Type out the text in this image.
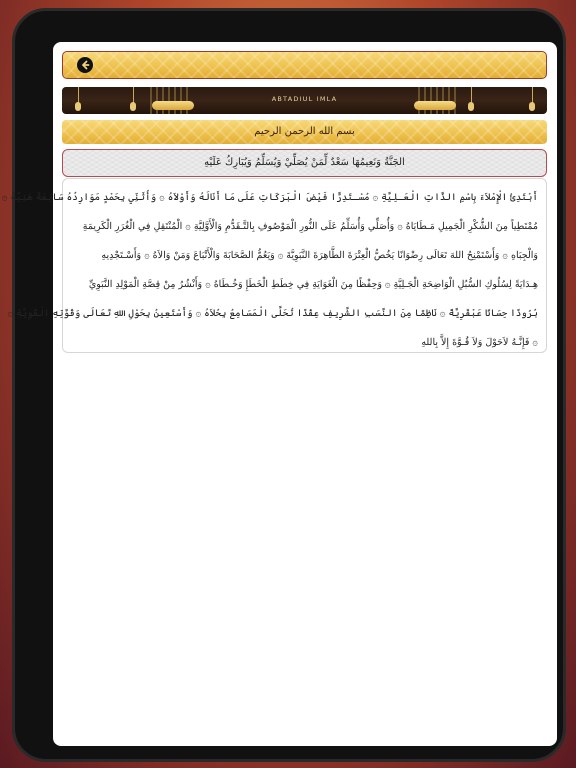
ABTADIUL IMLA
بسم الله الرحمن الرحيم
الجَنَّةُ وَنَعِيمُهَا سَعْدٌ لِّمَنْ يُصَلِّيْ وَيُسَلِّمُ وَيُبَارِكُ عَلَيْهِ

أَبْتَدِئُ الْإِمْلاَءَ بِاسْمِ الذَّاتِ الْعَـلِيَّةِ ۞ مُسْـتَدِرًّا فَيْضَ الْبَرَكَاتِ عَلَى مَا أَنَالَهُ وَأَوْلاَهُ ۞ وَأُثَنِّي بِحَمْدٍ مَوَارِدُهُ سَائِغَةٌ هَنِيَّةٌ ۞

مُمْتَطِياً مِنَ الشُّكْرِ الْجَمِيلِ مَـطَايَاهُ ۞ وَأُصَلِّي وَأُسَلِّمُ عَلَى النُّورِ الْمَوْصُوفِ بِالتَّـقَدُّمِ وَالْأَوَّلِيَّةِ ۞ الْمُنْتَقِلِ فِي الْغُرَرِ الْكَرِيمَةِ

وَالْجِبَاهِ ۞ وَأَسْتَمْنِحُ اللهَ تَعَالَى رِضْوَانًا يَخُصُّ الْعِتْرَةَ الطَّاهِرَةَ النَّبَوِيَّةَ ۞ وَيَعُمُّ الصَّحَابَةَ وَالْأَتْبَاعَ وَمَنْ وَالاَهُ ۞ وَأَسْـتَجْدِيهِ

هِـدَايَةً لِسُلُوكِ السُّبُلِ الْوَاضِحَةِ الْجَـلِيَّةِ ۞ وَحِفْظًا مِنَ الْغَوَايَةِ فِي خِطَطِ الْخَطَإِ وَخُـطَاهُ ۞ وَأَنْشُرُ مِنْ قِصَّةِ الْمَوْلِدِ النَّبَوِيِّ

بُرُودًا حِسَانًا عَبْقَرِيَّةً ۞ نَاظِمًا مِنَ النَّسَبِ الشَّرِيفِ عِقْدًا تُحَلَّى الْمَسَامِعُ بِحُلاَهُ ۞ وَأَسْتَعِينُ بِحَوْلِ اللهِ تَعَالَى وَقُوَّتِهِ الْقَوِيَّةِ ۞

۞ فَإِنَّـهُ لاَحَوْلَ وَلاَ قُـوَّةَ إِلاَّ بِاللهِ
